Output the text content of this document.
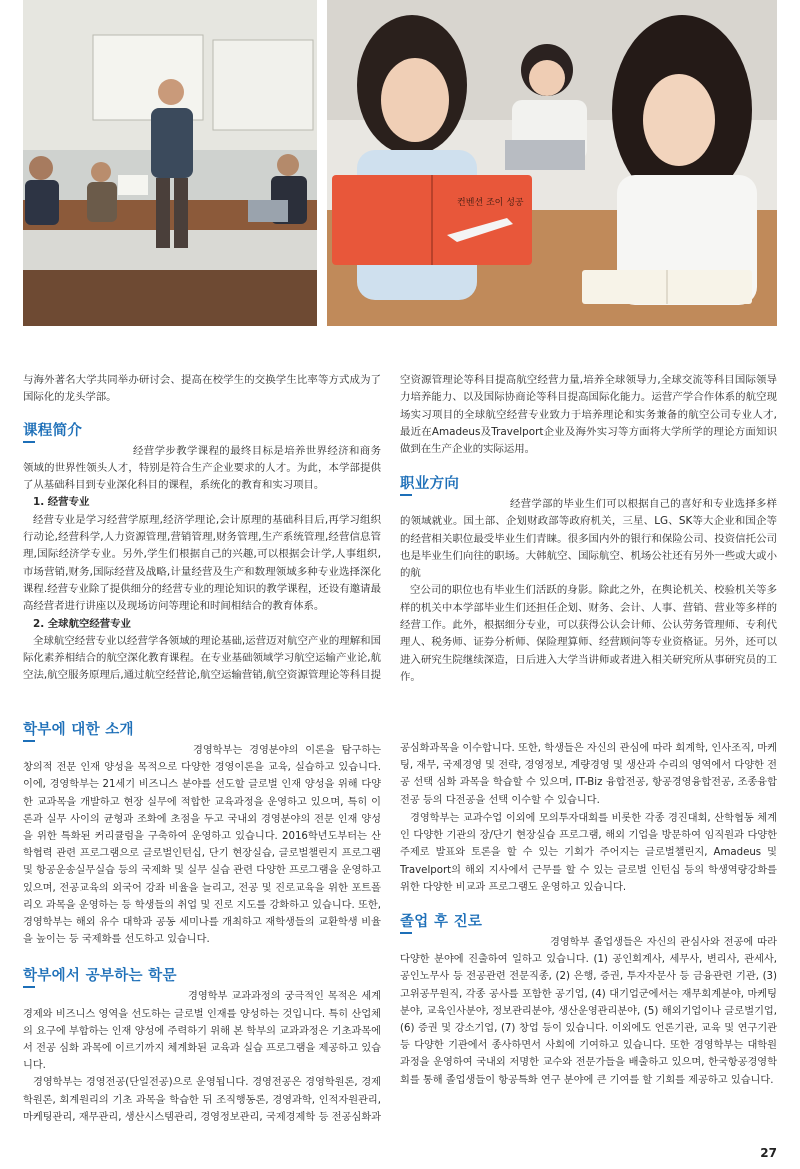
컨벤션 조이 성공

与海外著名大学共同举办研讨会、提高在校学生的交换学生比率等方式成为了国际化的龙头学部。

课程简介

经营学步教学课程的最终目标是培养世界经济和商务领域的世界性领头人才，特别是符合生产企业要求的人才。为此，本学部提供了从基础科目到专业深化科目的课程，系统化的教育和实习项目。

1. 经营专业

经营专业是学习经营学原理,经济学理论,会计原理的基础科目后,再学习组织行动论,经营科学,人力资源管理,营销管理,财务管理,生产系统管理,经营信息管理,国际经济学专业。另外,学生们根据自己的兴趣,可以根据会计学,人事组织,市场营销,财务,国际经营及战略,计量经营及生产和数理领域多种专业选择深化课程.经营专业除了提供细分的经营专业的理论知识的教学课程，还设有邀请最高经营者进行讲座以及现场访问等理论和时间相结合的教育体系。

2. 全球航空经营专业

全球航空经营专业以经营学各领域的理论基础,运营迈对航空产业的理解和国际化素养相结合的航空深化教育课程。在专业基础领域学习航空运输产业论,航空法,航空服务原理后,通过航空经营论,航空运输营销,航空资源管理论等科目提

空资源管理论等科目提高航空经营力量,培养全球领导力,全球交流等科目国际领导力培养能力、以及国际协商论等科目提高国际化能力。运营产学合作体系的航空现场实习项目的全球航空经营专业致力于培养理论和实务兼备的航空公司专业人才,最近在Amadeus及Travelport企业及海外实习等方面将大学所学的理论方面知识做到在生产企业的实际运用。

职业方向

经营学部的毕业生们可以根据自己的喜好和专业选择多样的领域就业。国土部、企划财政部等政府机关，三星、LG、SK等大企业和国企等的经营相关职位最受毕业生们青睐。很多国内外的银行和保险公司、投资信托公司也是毕业生们向往的职场。大韩航空、国际航空、机场公社还有另外一些或大或小的航

空公司的职位也有毕业生们活跃的身影。除此之外，在舆论机关、校验机关等多样的机关中本学部毕业生们还担任企划、财务、会计、人事、营销、营业等多样的经营工作。此外，根据细分专业，可以获得公认会计师、公认劳务管理师、专利代理人、税务师、证券分析师、保险理算师、经营顾问等专业资格证。另外，还可以进入研究生院继续深造，日后进入大学当讲师或者进入相关研究所从事研究员的工作。

학부에 대한 소개

경영학부는 경영분야의 이론을 탐구하는 창의적 전문 인재 양성을 목적으로 다양한 경영이론을 교육, 실습하고 있습니다. 이에, 경영학부는 21세기 비즈니스 분야를 선도할 글로벌 인재 양성을 위해 다양한 교과목을 개발하고 현장 실무에 적합한 교육과정을 운영하고 있으며, 특히 이론과 실무 사이의 균형과 조화에 초점을 두고 국내외 경영분야의 전문 인재 양성을 위한 특화된 커리큘럼을 구축하여 운영하고 있습니다. 2016학년도부터는 산학협력 관련 프로그램으로 글로벌인턴십, 단기 현장실습, 글로벌챌린지 프로그램 및 항공운송실무실습 등의 국제화 및 실무 실습 관련 다양한 프로그램을 운영하고 있으며, 전공교육의 외국어 강좌 비율을 늘리고, 전공 및 진로교육을 위한 포트폴리오 과목을 운영하는 등 학생들의 취업 및 진로 지도를 강화하고 있습니다. 또한, 경영학부는 해외 유수 대학과 공동 세미나를 개최하고 재학생들의 교환학생 비율을 높이는 등 국제화를 선도하고 있습니다.

학부에서 공부하는 학문

경영학부 교과과정의 궁극적인 목적은 세계 경제와 비즈니스 영역을 선도하는 글로벌 인재를 양성하는 것입니다. 특히 산업체의 요구에 부합하는 인재 양성에 주력하기 위해 본 학부의 교과과정은 기초과목에서 전공 심화 과목에 이르기까지 체계화된 교육과 실습 프로그램을 제공하고 있습니다.

경영학부는 경영전공(단일전공)으로 운영됩니다. 경영전공은 경영학원론, 경제학원론, 회계원리의 기초 과목을 학습한 뒤 조직행동론, 경영과학, 인적자원관리, 마케팅관리, 재무관리, 생산시스템관리, 경영정보관리, 국제경제학 등 전공심화과

공심화과목을 이수합니다. 또한, 학생들은 자신의 관심에 따라 회계학, 인사조직, 마케팅, 재무, 국제경영 및 전략, 경영정보, 계량경영 및 생산과 수리의 영역에서 다양한 전공 선택 심화 과목을 학습할 수 있으며, IT-Biz 융합전공, 항공경영융합전공, 조종융합전공 등의 다전공을 선택 이수할 수 있습니다.

경영학부는 교과수업 이외에 모의투자대회를 비롯한 각종 경진대회, 산학협동 체계인 다양한 기관의 장/단기 현장실습 프로그램, 해외 기업을 방문하여 임직원과 다양한 주제로 발표와 토론을 할 수 있는 기회가 주어지는 글로벌챌린지, Amadeus 및 Travelport의 해외 지사에서 근무를 할 수 있는 글로벌 인턴십 등의 학생역량강화를 위한 다양한 비교과 프로그램도 운영하고 있습니다.

졸업 후 진로

경영학부 졸업생들은 자신의 관심사와 전공에 따라 다양한 분야에 진출하여 일하고 있습니다. (1) 공인회계사, 세무사, 변리사, 관세사, 공인노무사 등 전공관련 전문직종, (2) 은행, 증권, 투자자문사 등 금융관련 기관, (3) 고위공무원직, 각종 공사를 포함한 공기업, (4) 대기업군에서는 재무회계분야, 마케팅분야, 교육인사분야, 정보관리분야, 생산운영관리분야, (5) 해외기업이나 글로벌기업, (6) 증권 및 강소기업, (7) 창업 등이 있습니다. 이외에도 언론기관, 교육 및 연구기관 등 다양한 기관에서 종사하면서 사회에 기여하고 있습니다. 또한 경영학부는 대학원 과정을 운영하여 국내외 저명한 교수와 전문가들을 배출하고 있으며, 한국항공경영학회를 통해 졸업생들이 항공특화 연구 분야에 큰 기여를 할 기회를 제공하고 있습니다.

27
